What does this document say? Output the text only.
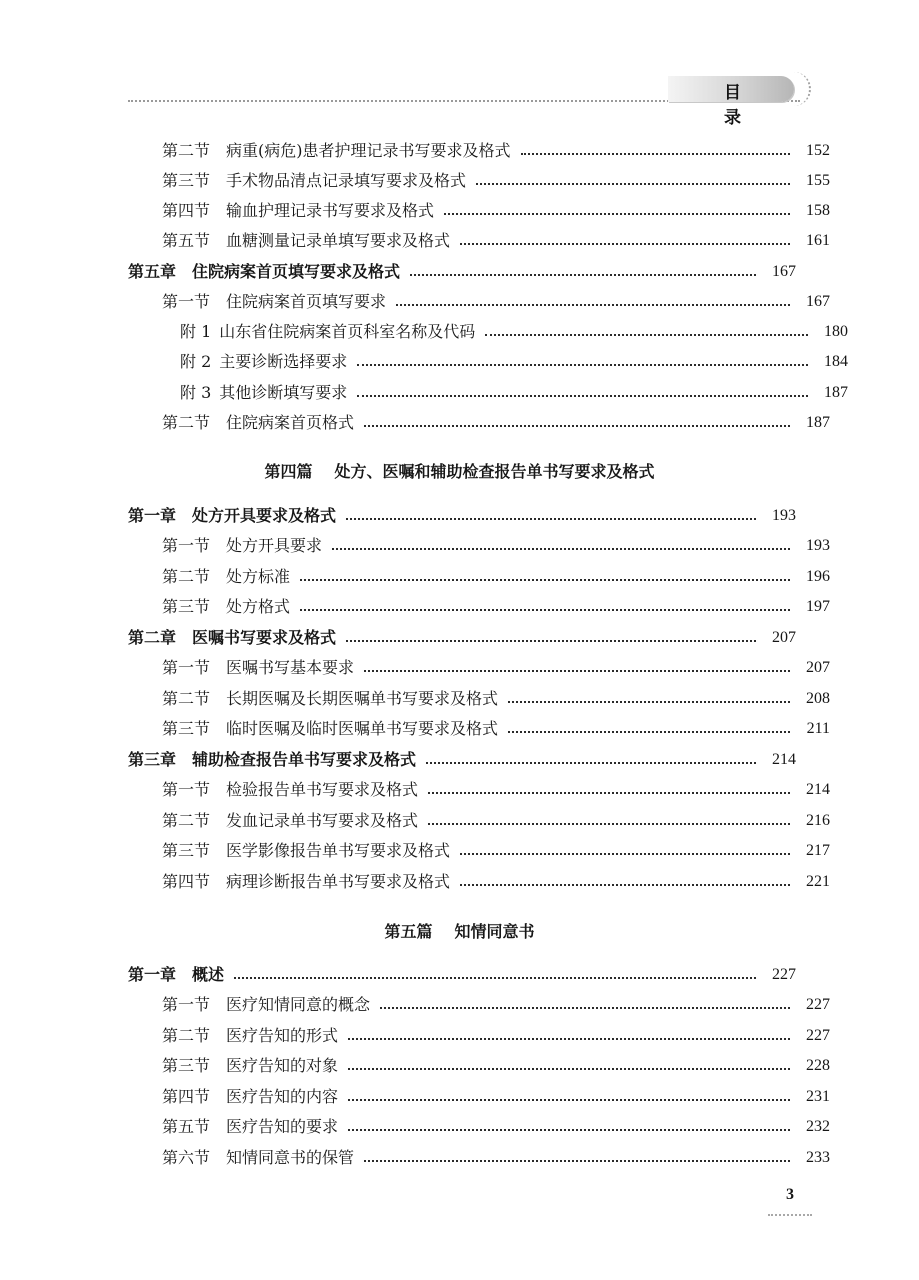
目 录
第二节 病重(病危)患者护理记录书写要求及格式	152
第三节 手术物品清点记录填写要求及格式	155
第四节 输血护理记录书写要求及格式	158
第五节 血糖测量记录单填写要求及格式	161
第五章 住院病案首页填写要求及格式	167
第一节 住院病案首页填写要求	167
附 1 山东省住院病案首页科室名称及代码	180
附 2 主要诊断选择要求	184
附 3 其他诊断填写要求	187
第二节 住院病案首页格式	187
第四篇 处方、医嘱和辅助检查报告单书写要求及格式
第一章 处方开具要求及格式	193
第一节 处方开具要求	193
第二节 处方标准	196
第三节 处方格式	197
第二章 医嘱书写要求及格式	207
第一节 医嘱书写基本要求	207
第二节 长期医嘱及长期医嘱单书写要求及格式	208
第三节 临时医嘱及临时医嘱单书写要求及格式	211
第三章 辅助检查报告单书写要求及格式	214
第一节 检验报告单书写要求及格式	214
第二节 发血记录单书写要求及格式	216
第三节 医学影像报告单书写要求及格式	217
第四节 病理诊断报告单书写要求及格式	221
第五篇 知情同意书
第一章 概述	227
第一节 医疗知情同意的概念	227
第二节 医疗告知的形式	227
第三节 医疗告知的对象	228
第四节 医疗告知的内容	231
第五节 医疗告知的要求	232
第六节 知情同意书的保管	233
3
